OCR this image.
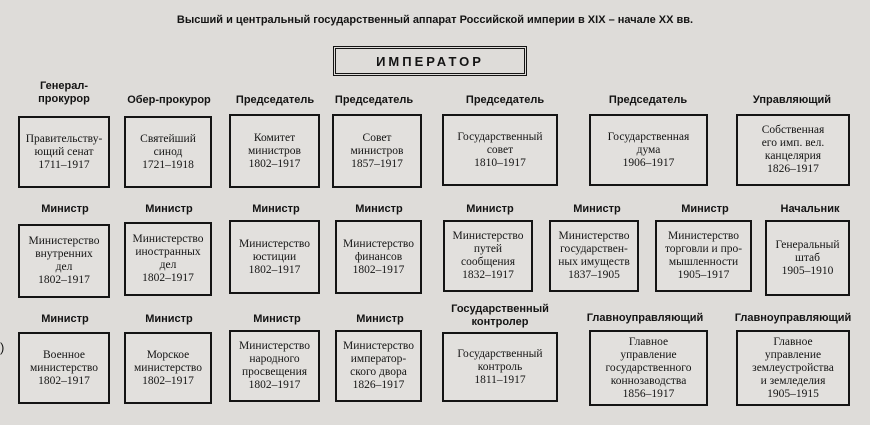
Высший и центральный государственный аппарат Российской империи в XIX – начале XX вв.
ИМПЕРАТОР
)
Генерал-
прокурор
Правительству-
ющий сенат
1711–1917
Обер-прокурор
Святейший
синод
1721–1918
Председатель
Комитет
министров
1802–1917
Председатель
Совет
министров
1857–1917
Председатель
Государственный
совет
1810–1917
Председатель
Государственная
дума
1906–1917
Управляющий
Собственная
его имп. вел.
канцелярия
1826–1917
Министр
Министерство
внутренних
дел
1802–1917
Министр
Министерство
иностранных
дел
1802–1917
Министр
Министерство
юстиции
1802–1917
Министр
Министерство
финансов
1802–1917
Министр
Министерство
путей
сообщения
1832–1917
Министр
Министерство
государствен-
ных имуществ
1837–1905
Министр
Министерство
торговли и про-
мышленности
1905–1917
Начальник
Генеральный
штаб
1905–1910
Министр
Военное
министерство
1802–1917
Министр
Морское
министерство
1802–1917
Министр
Министерство
народного
просвещения
1802–1917
Министр
Министерство
император-
ского двора
1826–1917
Государственный
контролер
Государственный
контроль
1811–1917
Главноуправляющий
Главное
управление
государственного
коннозаводства
1856–1917
Главноуправляющий
Главное
управление
землеустройства
и земледелия
1905–1915
